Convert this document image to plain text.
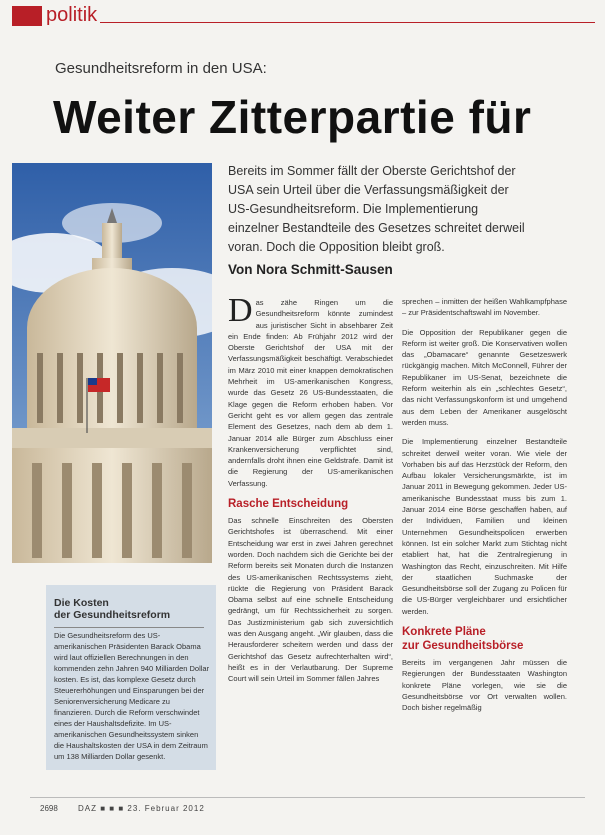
politik
Gesundheitsreform in den USA:
Weiter Zitterpartie für
Bereits im Sommer fällt der Oberste Gerichtshof der USA sein Urteil über die Verfassungsmäßigkeit der US-Gesundheitsreform. Die Implementierung einzelner Bestandteile des Gesetzes schreitet derweil voran. Doch die Opposition bleibt groß.
Von Nora Schmitt-Sausen
Die Kosten
der Gesundheitsreform
Die Gesundheitsreform des US-amerikanischen Präsidenten Barack Obama wird laut offiziellen Berechnungen in den kommenden zehn Jahren 940 Milliarden Dollar kosten. Es ist, das komplexe Gesetz durch Steuererhöhungen und Einsparungen bei der Seniorenversicherung Medicare zu finanzieren. Durch die Reform verschwindet eines der Haushaltsdefizite. Im US-amerikanischen Gesundheitssystem sinken die Haushaltskosten der USA in dem Zeitraum um 138 Milliarden Dollar gesenkt.

Das zähe Ringen um die Gesundheitsreform könnte zumindest aus juristischer Sicht in absehbarer Zeit ein Ende finden: Ab Frühjahr 2012 wird der Oberste Gerichtshof der USA mit der Verfassungsmäßigkeit beschäftigt. Verabschiedet im März 2010 mit einer knappen demokratischen Mehrheit im US-amerikanischen Kongress, wurde das Gesetz 26 US-Bundesstaaten, die Klage gegen die Reform erhoben haben. Vor Gericht geht es vor allem gegen das zentrale Element des Gesetzes, nach dem ab dem 1. Januar 2014 alle Bürger zum Abschluss einer Krankenversicherung verpflichtet sind, andernfalls droht ihnen eine Geldstrafe. Damit ist die Regierung der US-amerikanischen Verfassung.

Rasche Entscheidung

Das schnelle Einschreiten des Obersten Gerichtshofes ist überraschend. Mit einer Entscheidung war erst in zwei Jahren gerechnet worden. Doch nachdem sich die Gerichte bei der Reform bereits seit Monaten durch die Instanzen des US-amerikanischen Rechtssystems zieht, rückte die Regierung von Präsident Barack Obama selbst auf eine schnelle Entscheidung gedrängt, um für Rechtssicherheit zu sorgen. Das Justizministerium gab sich zuversichtlich was den Ausgang angeht. „Wir glauben, dass die Herausforderer scheitern werden und dass der Gerichtshof das Gesetz aufrechterhalten wird“, heißt es in der Verlautbarung. Der Supreme Court will sein Urteil im Sommer fällen Jahres

sprechen – inmitten der heißen Wahlkampfphase – zur Präsidentschaftswahl im November.

Die Opposition der Republikaner gegen die Reform ist weiter groß. Die Konservativen wollen das „Obamacare“ genannte Gesetzeswerk rückgängig machen. Mitch McConnell, Führer der Republikaner im US-Senat, bezeichnete die Reform weiterhin als ein „schlechtes Gesetz“, das nicht Verfassungskonform ist und umgehend aus dem Leben der Amerikaner ausgelöscht werden muss.

Die Implementierung einzelner Bestandteile schreitet derweil weiter voran. Wie viele der Vorhaben bis auf das Herzstück der Reform, den Aufbau lokaler Versicherungsmärkte, ist im Januar 2011 in Bewegung gekommen. Jeder US-amerikanische Bundesstaat muss bis zum 1. Januar 2014 eine Börse geschaffen haben, auf der Individuen, Familien und kleinen Unternehmen Gesundheitspolicen erwerben können. Ist ein solcher Markt zum Stichtag nicht etabliert hat, hat die Zentralregierung in Washington das Recht, einzuschreiten. Mit Hilfe der staatlichen Suchmaske der Gesundheitsbörse soll der Zugang zu Policen für die US-Bürger vergleichbarer und ersichtlicher werden.

Konkrete Pläne
zur Gesundheitsbörse

Bereits im vergangenen Jahr müssen die Regierungen der Bundesstaaten Washington konkrete Pläne vorlegen, wie sie die Gesundheitsbörse vor Ort verwalten wollen. Doch bisher regelmäßig

2698	DAZ ■ ■ ■ 23. Februar 2012
